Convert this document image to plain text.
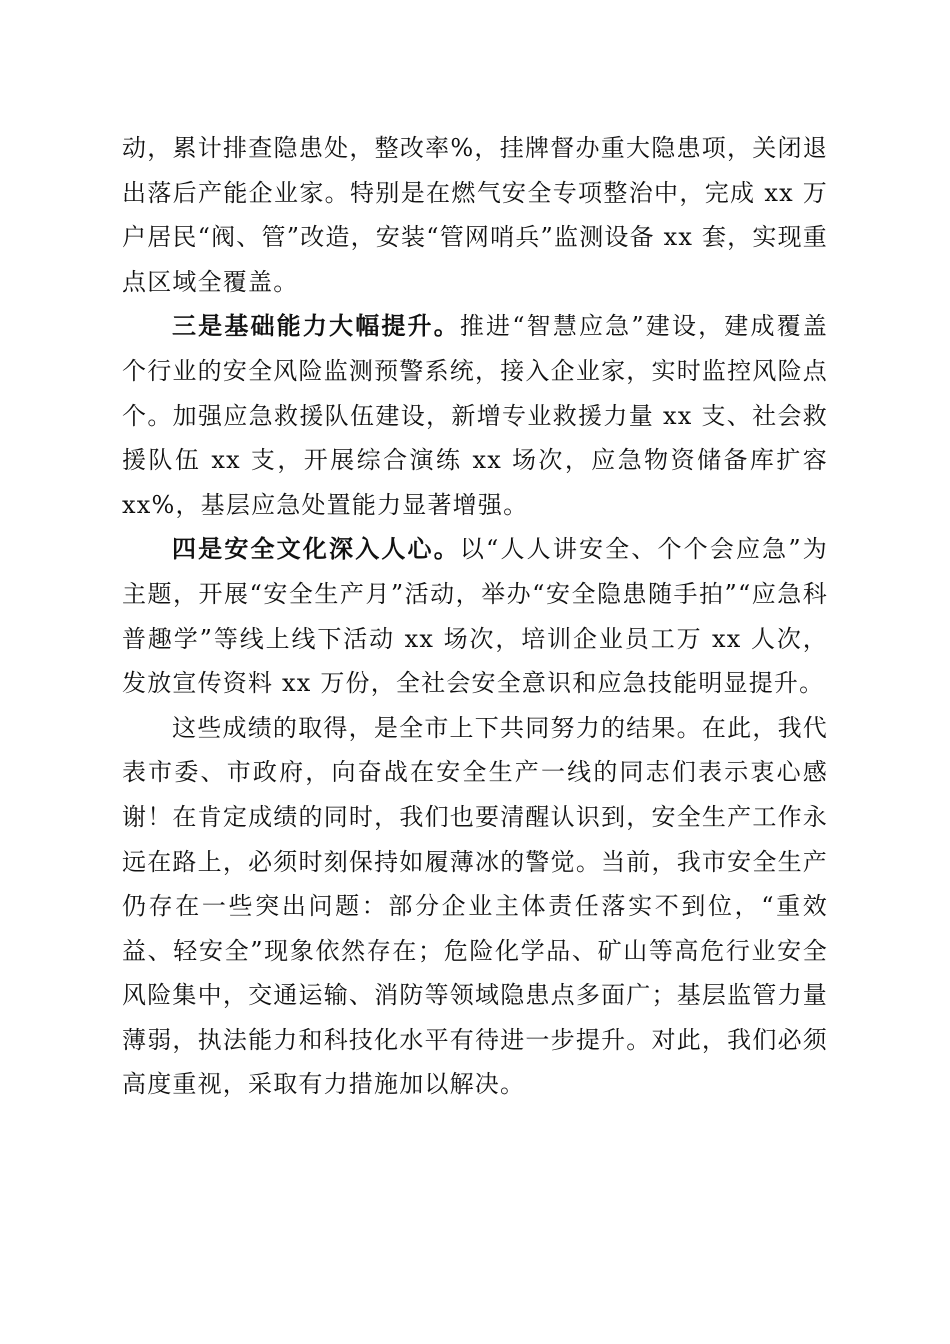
动，累计排查隐患处，整改率%，挂牌督办重大隐患项，关闭退出落后产能企业家。特别是在燃气安全专项整治中，完成 xx 万户居民“阀、管”改造，安装“管网哨兵”监测设备 xx 套，实现重点区域全覆盖。

三是基础能力大幅提升。推进“智慧应急”建设，建成覆盖个行业的安全风险监测预警系统，接入企业家，实时监控风险点个。加强应急救援队伍建设，新增专业救援力量 xx 支、社会救援队伍 xx 支，开展综合演练 xx 场次，应急物资储备库扩容 xx%，基层应急处置能力显著增强。

四是安全文化深入人心。以“人人讲安全、个个会应急”为主题，开展“安全生产月”活动，举办“安全隐患随手拍”“应急科普趣学”等线上线下活动 xx 场次，培训企业员工万 xx 人次，发放宣传资料 xx 万份，全社会安全意识和应急技能明显提升。

这些成绩的取得，是全市上下共同努力的结果。在此，我代表市委、市政府，向奋战在安全生产一线的同志们表示衷心感谢！在肯定成绩的同时，我们也要清醒认识到，安全生产工作永远在路上，必须时刻保持如履薄冰的警觉。当前，我市安全生产仍存在一些突出问题：部分企业主体责任落实不到位，“重效益、轻安全”现象依然存在；危险化学品、矿山等高危行业安全风险集中，交通运输、消防等领域隐患点多面广；基层监管力量薄弱，执法能力和科技化水平有待进一步提升。对此，我们必须高度重视，采取有力措施加以解决。
